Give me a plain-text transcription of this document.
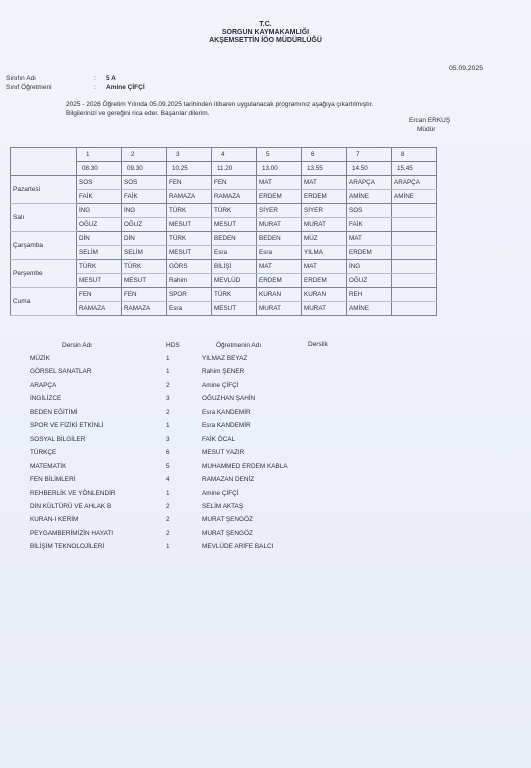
T.C.
SORGUN KAYMAKAMLIĞI
AKŞEMSETTİN İÖO MÜDÜRLÜĞÜ
05.09.2025
Sınıfın Adı	: 5 A
Sınıf Öğretmeni	: Amine ÇİFÇİ
2025 - 2026 Öğretim Yılında 05.09.2025 tarihinden itibaren uygulanacak programınız aşağıya çıkartılmıştır.
Bilgilerinizi ve gereğini rica eder. Başarılar dilerim.
Ercan ERKUŞ
Müdür
	1	2	3	4	5	6	7	8
	08.30	09.30	10.25	11.20	13.00	13.55	14.50	15.45
Pazartesi	SOS	SOS	FEN	FEN	MAT	MAT	ARAPÇA	ARAPÇA
	FAİK	FAİK	RAMAZA	RAMAZA	ERDEM	ERDEM	AMİNE	AMİNE
Salı	İNG	İNG	TÜRK	TÜRK	SİYER	SİYER	SOS	
	OĞUZ	OĞUZ	MESUT	MESUT	MURAT	MURAT	FAİK	
Çarşamba	DİN	DİN	TÜRK	BEDEN	BEDEN	MÜZ	MAT	
	SELİM	SELİM	MESUT	Esra	Esra	YILMA	ERDEM	
Perşembe	TÜRK	TÜRK	GÖRS	BİLİŞİ	MAT	MAT	İNG	
	MESUT	MESUT	Rahim	MEVLÜD	ERDEM	ERDEM	OĞUZ	
Cuma	FEN	FEN	SPOR	TÜRK	KURAN	KURAN	REH	
	RAMAZA	RAMAZA	Esra	MESUT	MURAT	MURAT	AMİNE	
Dersin Adı	HDS	Öğretmenin Adı	Derslik
MÜZİK	1	YILMAZ BEYAZ
GÖRSEL SANATLAR	1	Rahim ŞENER
ARAPÇA	2	Amine ÇİFÇİ
İNGİLİZCE	3	OĞUZHAN ŞAHİN
BEDEN EĞİTİMİ	2	Esra KANDEMİR
SPOR VE FİZİKİ ETKİNLİ	1	Esra KANDEMİR
SOSYAL BİLGİLER	3	FAİK ÖCAL
TÜRKÇE	6	MESUT YAZIR
MATEMATİK	5	MUHAMMED ERDEM KABLA
FEN BİLİMLERİ	4	RAMAZAN DENİZ
REHBERLİK VE YÖNLENDİR	1	Amine ÇİFÇİ
DİN KÜLTÜRÜ VE AHLAK B	2	SELİM AKTAŞ
KURAN-I KERİM	2	MURAT ŞENGÖZ
PEYGAMBERİMİZİN HAYATI	2	MURAT ŞENGÖZ
BİLİŞİM TEKNOLOJİLERİ	1	MEVLÜDE ARİFE BALCI
